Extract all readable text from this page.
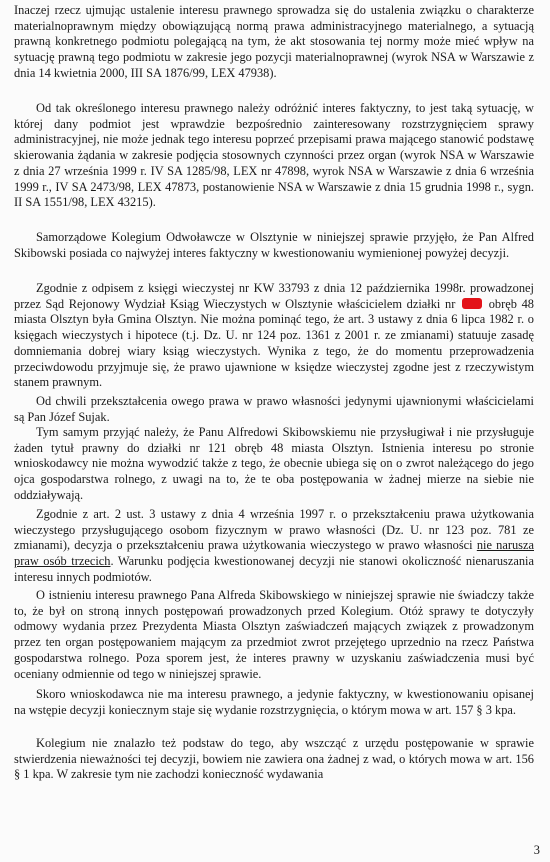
Inaczej rzecz ujmując ustalenie interesu prawnego sprowadza się do ustalenia związku o charakterze materialnoprawnym między obowiązującą normą prawa administracyjnego materialnego, a sytuacją prawną konkretnego podmiotu polegającą na tym, że akt stosowania tej normy może mieć wpływ na sytuację prawną tego podmiotu w zakresie jego pozycji materialnoprawnej (wyrok NSA w Warszawie z dnia 14 kwietnia 2000, III SA 1876/99, LEX 47938).

Od tak określonego interesu prawnego należy odróżnić interes faktyczny, to jest taką sytuację, w której dany podmiot jest wprawdzie bezpośrednio zainteresowany rozstrzygnięciem sprawy administracyjnej, nie może jednak tego interesu poprzeć przepisami prawa mającego stanowić podstawę skierowania żądania w zakresie podjęcia stosownych czynności przez organ (wyrok NSA w Warszawie z dnia 27 września 1999 r. IV SA 1285/98, LEX nr 47898, wyrok NSA w Warszawie z dnia 6 września 1999 r., IV SA 2473/98, LEX 47873, postanowienie NSA w Warszawie z dnia 15 grudnia 1998 r., sygn. II SA 1551/98, LEX 43215).

Samorządowe Kolegium Odwoławcze w Olsztynie w niniejszej sprawie przyjęło, że Pan Alfred Skibowski posiada co najwyżej interes faktyczny w kwestionowaniu wymienionej powyżej decyzji.

Zgodnie z odpisem z księgi wieczystej nr KW 33793 z dnia 12 października 1998r. prowadzonej przez Sąd Rejonowy Wydział Ksiąg Wieczystych w Olsztynie właścicielem działki nr	obręb 48 miasta Olsztyn była Gmina Olsztyn. Nie można pominąć tego, że art. 3 ustawy z dnia 6 lipca 1982 r. o księgach wieczystych i hipotece (t.j. Dz. U. nr 124 poz. 1361 z 2001 r. ze zmianami) statuuje zasadę domniemania dobrej wiary ksiąg wieczystych. Wynika z tego, że do momentu przeprowadzenia przeciwdowodu przyjmuje się, że prawo ujawnione w księdze wieczystej zgodne jest z rzeczywistym stanem prawnym.

Od chwili przekształcenia owego prawa w prawo własności jedynymi ujawnionymi właścicielami są Pan Józef Sujak.

Tym samym przyjąć należy, że Panu Alfredowi Skibowskiemu nie przysługiwał i nie przysługuje żaden tytuł prawny do działki nr 121 obręb 48 miasta Olsztyn. Istnienia interesu po stronie wnioskodawcy nie można wywodzić także z tego, że obecnie ubiega się on o zwrot należącego do jego ojca gospodarstwa rolnego, z uwagi na to, że te oba postępowania w żadnej mierze na siebie nie oddziaływają.

Zgodnie z art. 2 ust. 3 ustawy z dnia 4 września 1997 r. o przekształceniu prawa użytkowania wieczystego przysługującego osobom fizycznym w prawo własności (Dz. U. nr 123 poz. 781 ze zmianami), decyzja o przekształceniu prawa użytkowania wieczystego w prawo własności nie narusza praw osób trzecich. Warunku podjęcia kwestionowanej decyzji nie stanowi okoliczność nienaruszania interesu innych podmiotów.

O istnieniu interesu prawnego Pana Alfreda Skibowskiego w niniejszej sprawie nie świadczy także to, że był on stroną innych postępowań prowadzonych przed Kolegium. Otóż sprawy te dotyczyły odmowy wydania przez Prezydenta Miasta Olsztyn zaświadczeń mających związek z prowadzonym przez ten organ postępowaniem mającym za przedmiot zwrot przejętego uprzednio na rzecz Państwa gospodarstwa rolnego. Poza sporem jest, że interes prawny w uzyskaniu zaświadczenia musi być oceniany odmiennie od tego w niniejszej sprawie.

Skoro wnioskodawca nie ma interesu prawnego, a jedynie faktyczny, w kwestionowaniu opisanej na wstępie decyzji koniecznym staje się wydanie rozstrzygnięcia, o którym mowa w art. 157 § 3 kpa.

Kolegium nie znalazło też podstaw do tego, aby wszcząć z urzędu postępowanie w sprawie stwierdzenia nieważności tej decyzji, bowiem nie zawiera ona żadnej z wad, o których mowa w art. 156 § 1 kpa. W zakresie tym nie zachodzi konieczność wydawania

3
